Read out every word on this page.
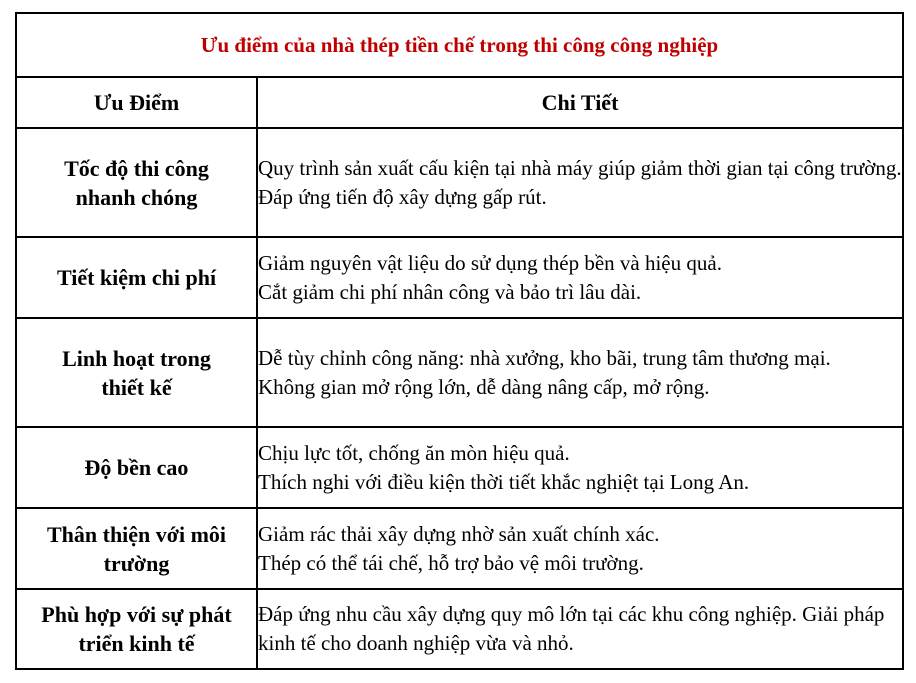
Ưu điểm của nhà thép tiền chế trong thi công công nghiệp	
Ưu Điểm	Chi Tiết
Tốc độ thi công nhanh chóng	Quy trình sản xuất cấu kiện tại nhà máy giúp giảm thời gian tại công trường.
Đáp ứng tiến độ xây dựng gấp rút.

Tiết kiệm chi phí	Giảm nguyên vật liệu do sử dụng thép bền và hiệu quả.
Cắt giảm chi phí nhân công và bảo trì lâu dài.

Linh hoạt trong thiết kế	Dễ tùy chỉnh công năng: nhà xưởng, kho bãi, trung tâm thương mại.
Không gian mở rộng lớn, dễ dàng nâng cấp, mở rộng.

Độ bền cao	Chịu lực tốt, chống ăn mòn hiệu quả.
Thích nghi với điều kiện thời tiết khắc nghiệt tại Long An.

Thân thiện với môi trường	Giảm rác thải xây dựng nhờ sản xuất chính xác.
Thép có thể tái chế, hỗ trợ bảo vệ môi trường.

Phù hợp với sự phát triển kinh tế	Đáp ứng nhu cầu xây dựng quy mô lớn tại các khu công nghiệp. Giải pháp kinh tế cho doanh nghiệp vừa và nhỏ.
